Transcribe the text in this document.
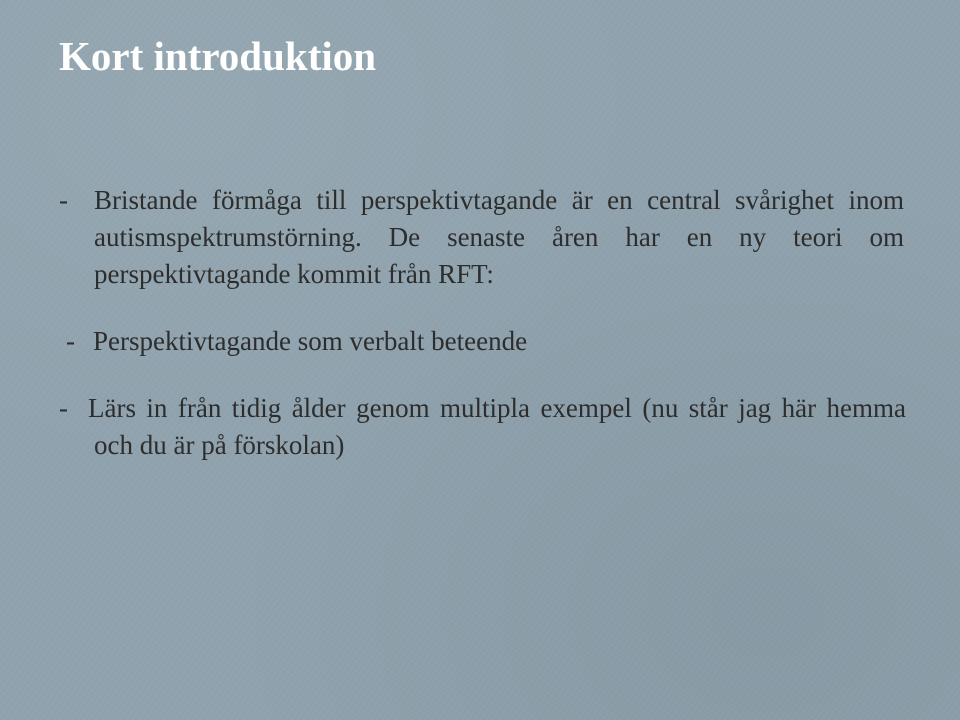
Kort introduktion
- Bristande förmåga till perspektivtagande är en central svårighet inom autismspektrumstörning. De senaste åren har en ny teori om perspektivtagande kommit från RFT:
- Perspektivtagande som verbalt beteende
- Lärs in från tidig ålder genom multipla exempel (nu står jag här hemma och du är på förskolan)
